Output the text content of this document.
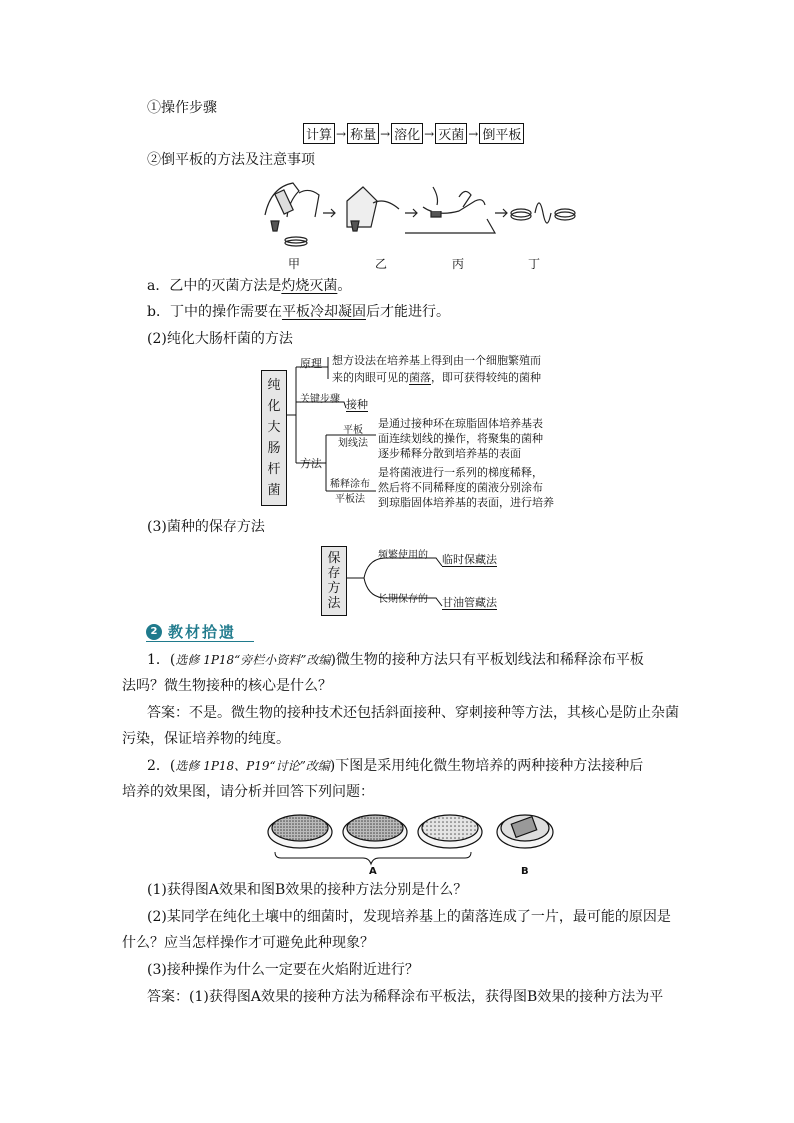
①操作步骤
计算 → 称量 → 溶化 → 灭菌 → 倒平板
②倒平板的方法及注意事项
甲	乙	丙	丁
a．乙中的灭菌方法是灼烧灭菌。
b．丁中的操作需要在平板冷却凝固后才能进行。
(2)纯化大肠杆菌的方法
纯
化
大
肠
杆
菌
原理 想方设法在培养基上得到由一个细胞繁殖而
来的肉眼可见的菌落，即可获得较纯的菌种
关键步骤 接种
方法
平板
划线法
是通过接种环在琼脂固体培养基表
面连续划线的操作，将聚集的菌种
逐步稀释分散到培养基的表面
稀释涂布
平板法
是将菌液进行一系列的梯度稀释，
然后将不同稀释度的菌液分别涂布
到琼脂固体培养基的表面，进行培养
(3)菌种的保存方法
保
存
方
法
频繁使用的 临时保藏法
长期保存的 甘油管藏法
2 教材拾遗
1．(选修 1P18“旁栏小资料”改编)微生物的接种方法只有平板划线法和稀释涂布平板
法吗？微生物接种的核心是什么？
答案：不是。微生物的接种技术还包括斜面接种、穿刺接种等方法，其核心是防止杂菌
污染，保证培养物的纯度。
2．(选修 1P18、P19“讨论”改编)下图是采用纯化微生物培养的两种接种方法接种后
培养的效果图，请分析并回答下列问题：
A	B
(1)获得图A效果和图B效果的接种方法分别是什么？
(2)某同学在纯化土壤中的细菌时，发现培养基上的菌落连成了一片，最可能的原因是
什么？应当怎样操作才可避免此种现象？
(3)接种操作为什么一定要在火焰附近进行？
答案：(1)获得图A效果的接种方法为稀释涂布平板法，获得图B效果的接种方法为平
